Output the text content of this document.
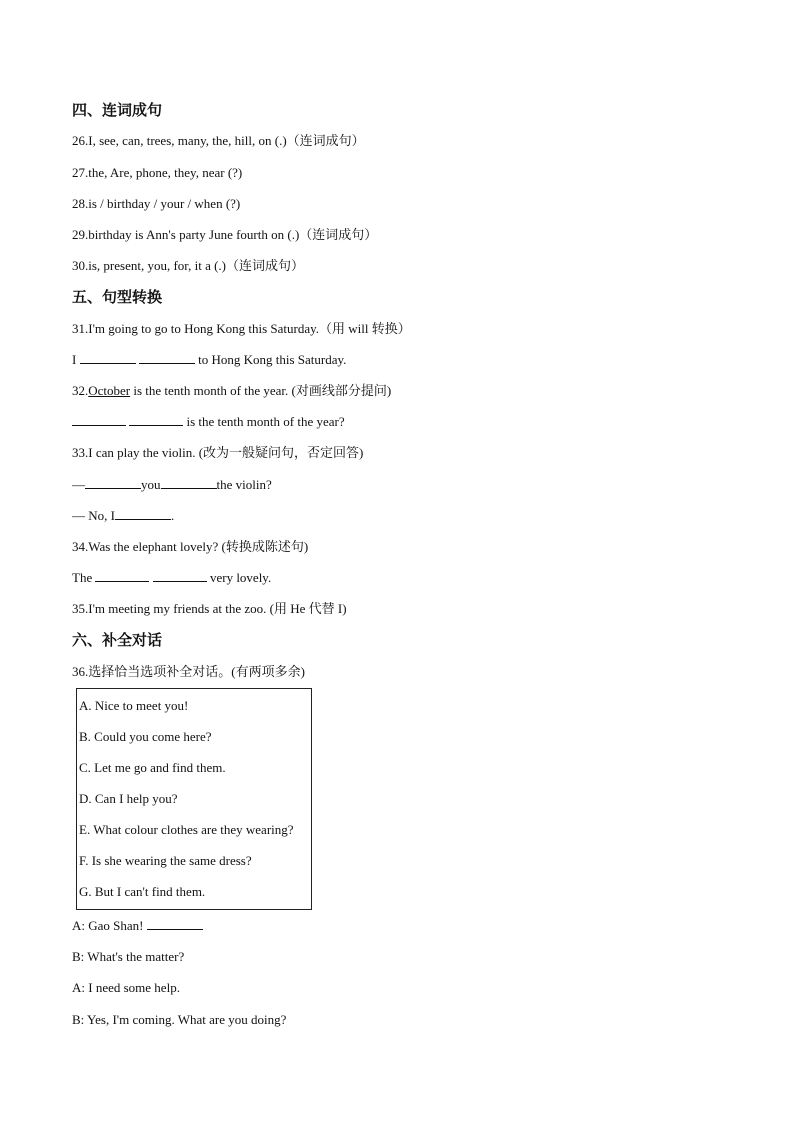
四、连词成句
26.I, see, can, trees, many, the, hill, on (.)（连词成句）
27.the, Are, phone, they, near (?)
28.is / birthday / your / when (?)
29.birthday is Ann's party June fourth on (.)（连词成句）
30.is, present, you, for, it a (.)（连词成句）
五、句型转换
31.I'm going to go to Hong Kong this Saturday.（用 will 转换）
I	to Hong Kong this Saturday.
32.October is the tenth month of the year. (对画线部分提问)
is the tenth month of the year?
33.I can play the violin. (改为一般疑问句，否定回答)
—	you	the violin?
— No, I	.
34.Was the elephant lovely? (转换成陈述句)
The	very lovely.
35.I'm meeting my friends at the zoo. (用 He 代替 I)
六、补全对话
36.选择恰当选项补全对话。(有两项多余)
A. Nice to meet you!
B. Could you come here?
C. Let me go and find them.
D. Can I help you?
E. What colour clothes are they wearing?
F. Is she wearing the same dress?
G. But I can't find them.
A: Gao Shan!
B: What's the matter?
A: I need some help.
B: Yes, I'm coming. What are you doing?
